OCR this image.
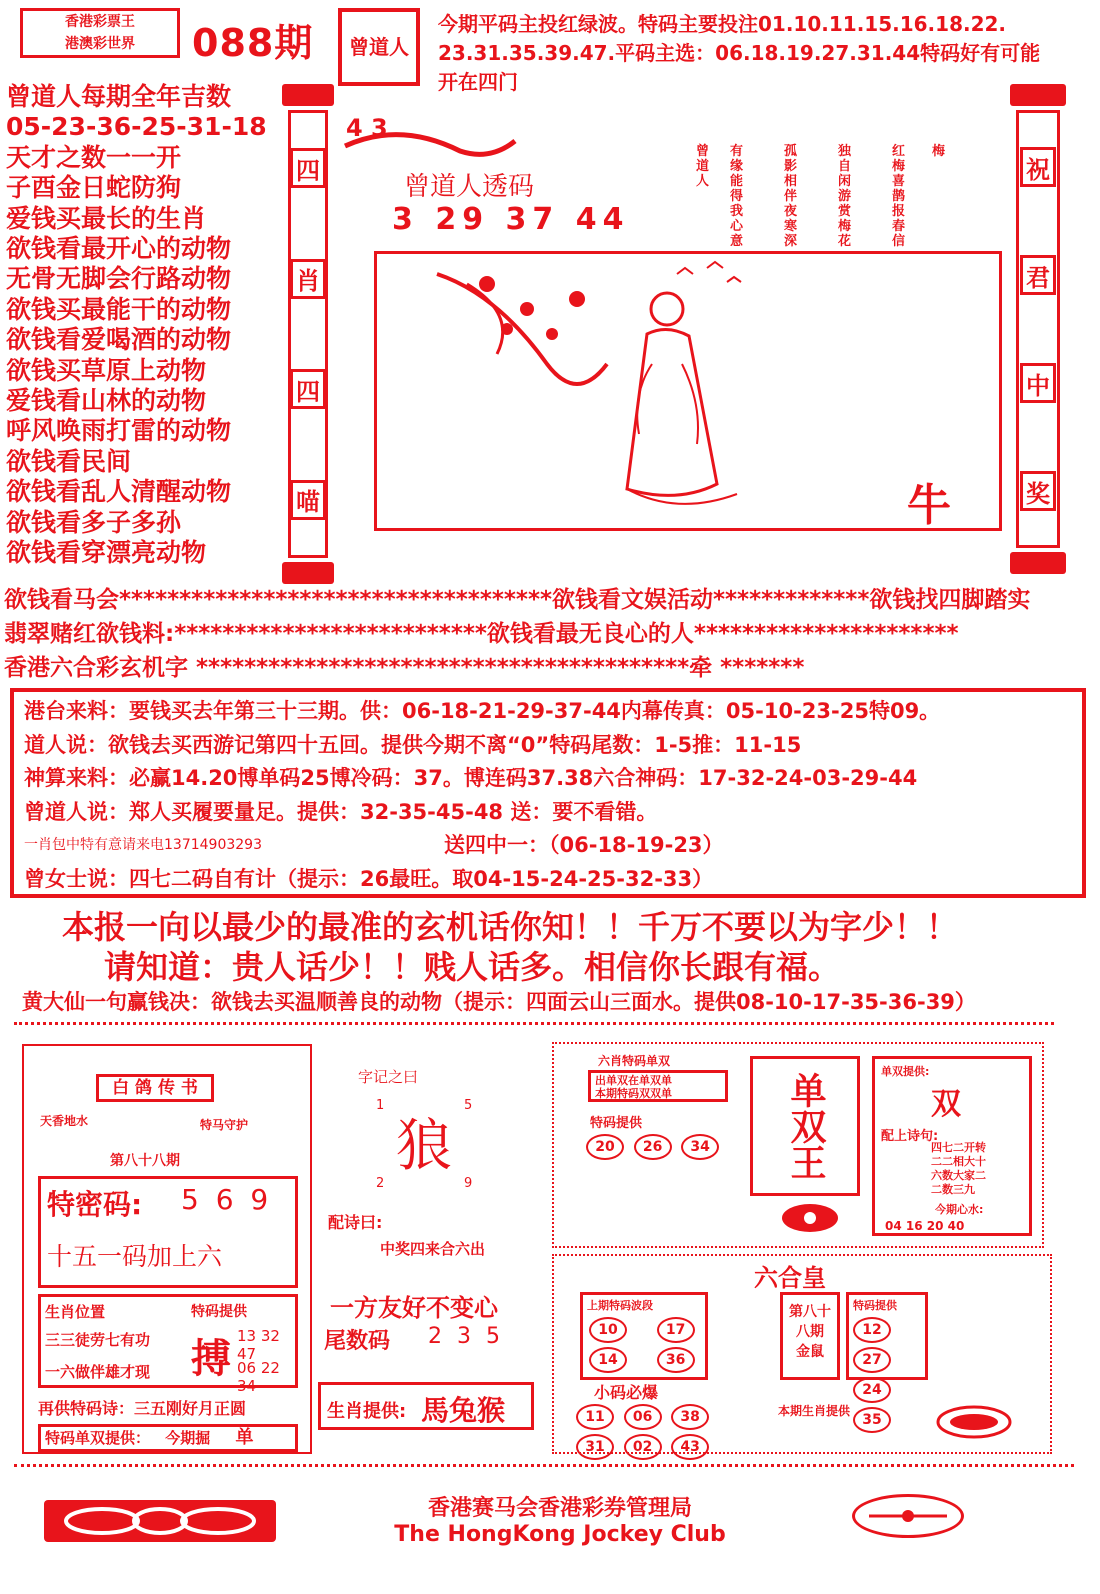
香港彩票王
港澳彩世界	088期	曾道人
今期平码主投红绿波。特码主要投注01.10.11.15.16.18.22.
23.31.35.39.47.平码主选：06.18.19.27.31.44特码好有可能
开在四门
曾道人每期全年吉数
05-23-36-25-31-18
天才之数一一开
子酉金日蛇防狗
爱钱买最长的生肖
欲钱看最开心的动物
无骨无脚会行路动物
欲钱买最能干的动物
欲钱看爱喝酒的动物
欲钱买草原上动物
爱钱看山林的动物
呼风唤雨打雷的动物
欲钱看民间
欲钱看乱人清醒动物
欲钱看多子多孙
欲钱看穿漂亮动物
四
肖
四
喵
4 3
曾道人透码
3 29 37 44
梅
红梅喜鹊报春信
独自闲游赏梅花
孤影相伴夜寒深
有缘能得我心意
曾道人
牛
祝
君
中
奖
欲钱看马会************************************欲钱看文娱活动*************欲钱找四脚踏实
翡翠赌红欲钱料:**************************欲钱看最无良心的人**********************
香港六合彩玄机字 *****************************************牵 *******
港台来料：要钱买去年第三十三期。供：06-18-21-29-37-44内幕传真：05-10-23-25特09。
道人说：欲钱去买西游记第四十五回。提供今期不离“0”特码尾数：1-5推：11-15
神算来料：必赢14.20博单码25博冷码：37。博连码37.38六合神码：17-32-24-03-29-44
曾道人说：郑人买履要量足。提供：32-35-45-48 送：要不看错。
一肖包中特有意请来电13714903293	送四中一：（06-18-19-23）
曾女士说：四七二码自有计（提示：26最旺。取04-15-24-25-32-33）
本报一向以最少的最准的玄机话你知！！千万不要以为字少！！
请知道：贵人话少！！贱人话多。相信你长跟有福。
黄大仙一句赢钱决：欲钱去买温顺善良的动物（提示：四面云山三面水。提供08-10-17-35-36-39）
白 鸽 传 书
天香地水	特马守护
第八十八期
特密码: 5 6 9
十五一码加上六
生肖位置	特码提供
三三徒劳七有功
一六做伴雄才现 搏 13 32 47
06 22 34
再供特码诗：三五刚好月正圆
特码单双提供： 今期掘 单
字记之曰
1	5
狼
2	9
配诗曰:
中奖四来合六出
一方友好不变心
尾数码 2 3 5
生肖提供: 馬兔猴
六肖特码单双
出单双在单双单
本期特码双双单
特码提供
20 26 34	单双王
单双提供:
双
配上诗句:
四七二开转
二二相大十
六数大家二
二数三九
今期心水:
04 16 20 40
六合皇
上期特码波段
10	17 14	36
第八十八期
金鼠
特码提供
12 27 24 35
小码必爆
11 06 38 31 02 43
本期生肖提供
香港赛马会香港彩券管理局
The HongKong Jockey Club
